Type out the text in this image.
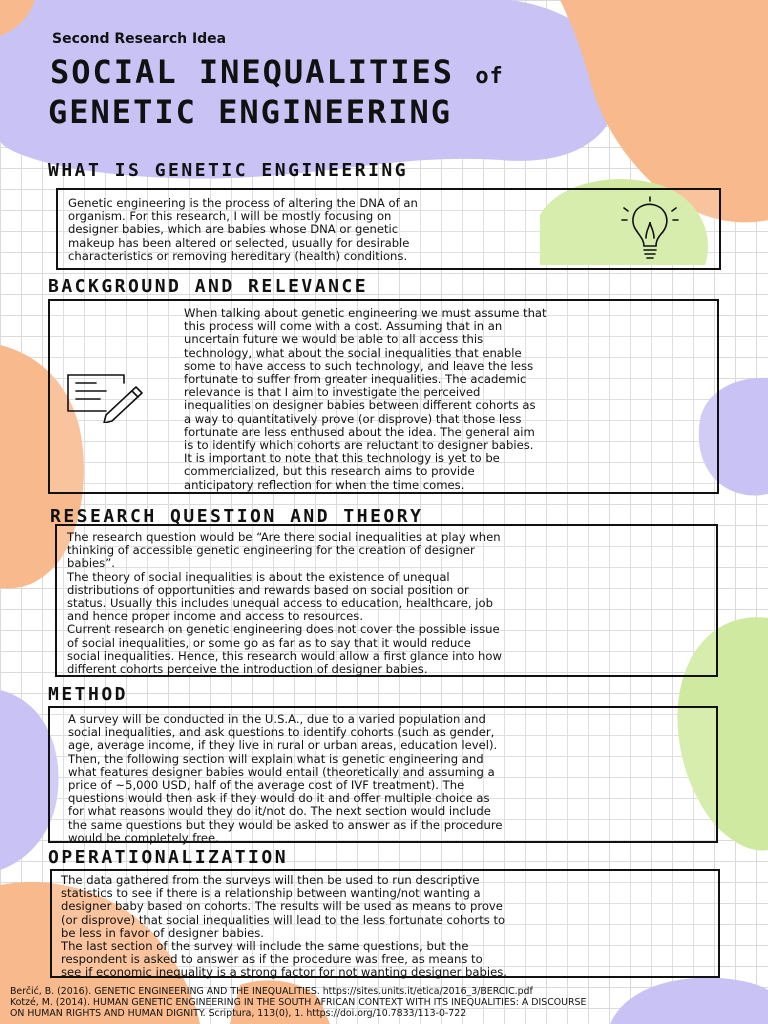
Second Research Idea
SOCIAL INEQUALITIES of
GENETIC ENGINEERING
WHAT IS GENETIC ENGINEERING
Genetic engineering is the process of altering the DNA of an
organism. For this research, I will be mostly focusing on
designer babies, which are babies whose DNA or genetic
makeup has been altered or selected, usually for desirable
characteristics or removing hereditary (health) conditions.
BACKGROUND AND RELEVANCE
When talking about genetic engineering we must assume that
this process will come with a cost. Assuming that in an
uncertain future we would be able to all access this
technology, what about the social inequalities that enable
some to have access to such technology, and leave the less
fortunate to suffer from greater inequalities. The academic
relevance is that I aim to investigate the perceived
inequalities on designer babies between different cohorts as
a way to quantitatively prove (or disprove) that those less
fortunate are less enthused about the idea. The general aim
is to identify which cohorts are reluctant to designer babies.
It is important to note that this technology is yet to be
commercialized, but this research aims to provide
anticipatory reflection for when the time comes.
RESEARCH QUESTION AND THEORY
The research question would be “Are there social inequalities at play when
thinking of accessible genetic engineering for the creation of designer
babies”.
The theory of social inequalities is about the existence of unequal
distributions of opportunities and rewards based on social position or
status. Usually this includes unequal access to education, healthcare, job
and hence proper income and access to resources.
Current research on genetic engineering does not cover the possible issue
of social inequalities, or some go as far as to say that it would reduce
social inequalities. Hence, this research would allow a first glance into how
different cohorts perceive the introduction of designer babies.
METHOD
A survey will be conducted in the U.S.A., due to a varied population and
social inequalities, and ask questions to identify cohorts (such as gender,
age, average income, if they live in rural or urban areas, education level).
Then, the following section will explain what is genetic engineering and
what features designer babies would entail (theoretically and assuming a
price of ~5,000 USD, half of the average cost of IVF treatment). The
questions would then ask if they would do it and offer multiple choice as
for what reasons would they do it/not do. The next section would include
the same questions but they would be asked to answer as if the procedure
would be completely free.
OPERATIONALIZATION
The data gathered from the surveys will then be used to run descriptive
statistics to see if there is a relationship between wanting/not wanting a
designer baby based on cohorts. The results will be used as means to prove
(or disprove) that social inequalities will lead to the less fortunate cohorts to
be less in favor of designer babies.
The last section of the survey will include the same questions, but the
respondent is asked to answer as if the procedure was free, as means to
see if economic inequality is a strong factor for not wanting designer babies.
Berčić, B. (2016). GENETIC ENGINEERING AND THE INEQUALITIES. https://sites.units.it/etica/2016_3/BERCIC.pdf
Kotzé, M. (2014). HUMAN GENETIC ENGINEERING IN THE SOUTH AFRICAN CONTEXT WITH ITS INEQUALITIES: A DISCOURSE
ON HUMAN RIGHTS AND HUMAN DIGNITY. Scriptura, 113(0), 1. https://doi.org/10.7833/113-0-722
